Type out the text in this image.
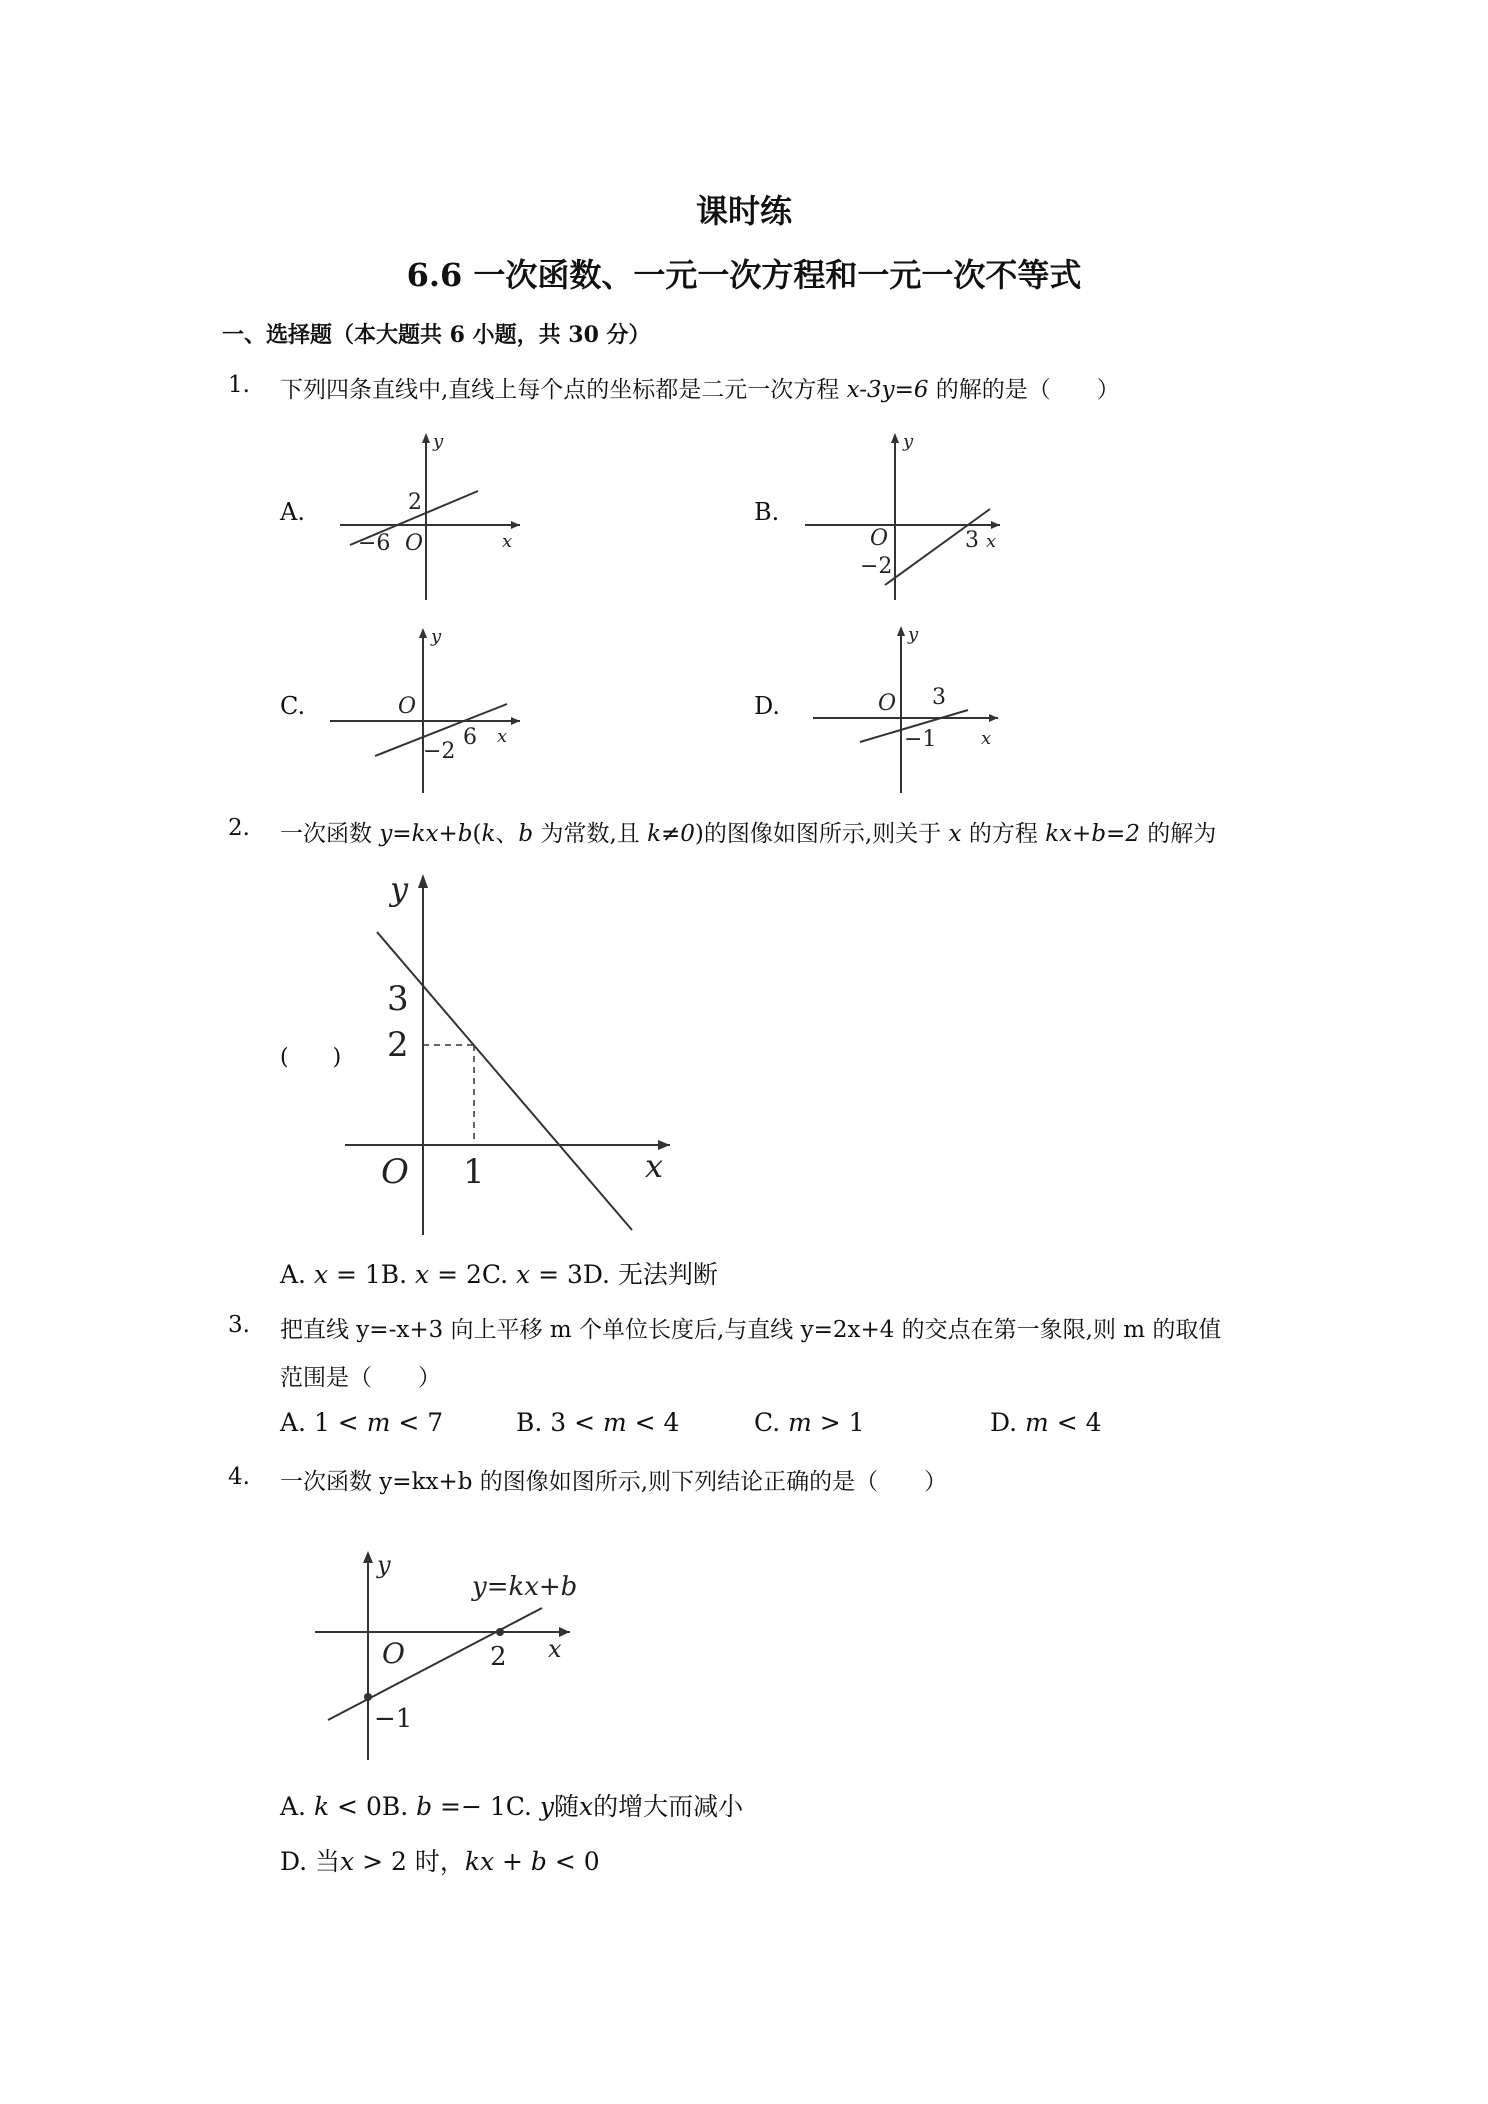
课时练
6.6 一次函数、一元一次方程和一元一次不等式
一、选择题（本大题共 6 小题，共 30 分）
1. 下列四条直线中,直线上每个点的坐标都是二元一次方程 x-3y=6 的解的是（　　）
A.	B.
C.	D.
y
x
O
2
−6
y
x
O
−2
3
y
x
O
−2
6
y
x
O
−1
3
2. 一次函数 y=kx+b(k、b 为常数,且 k≠0)的图像如图所示,则关于 x 的方程 kx+b=2 的解为
(　　)
y
x
O
3
2
1
A. 𝑥 = 1B. 𝑥 = 2C. 𝑥 = 3D. 无法判断
3. 把直线 y=-x+3 向上平移 m 个单位长度后,与直线 y=2x+4 的交点在第一象限,则 m 的取值
范围是（　　）
A. 1 < 𝑚 < 7	B. 3 < 𝑚 < 4	C. 𝑚 > 1	D. 𝑚 < 4
4. 一次函数 y=kx+b 的图像如图所示,则下列结论正确的是（　　）
y
x
O
y=kx+b
2
−1
A. 𝑘 < 0B. 𝑏 =− 1C. 𝑦随𝑥的增大而减小
D. 当𝑥 > 2 时，𝑘𝑥 + 𝑏 < 0
